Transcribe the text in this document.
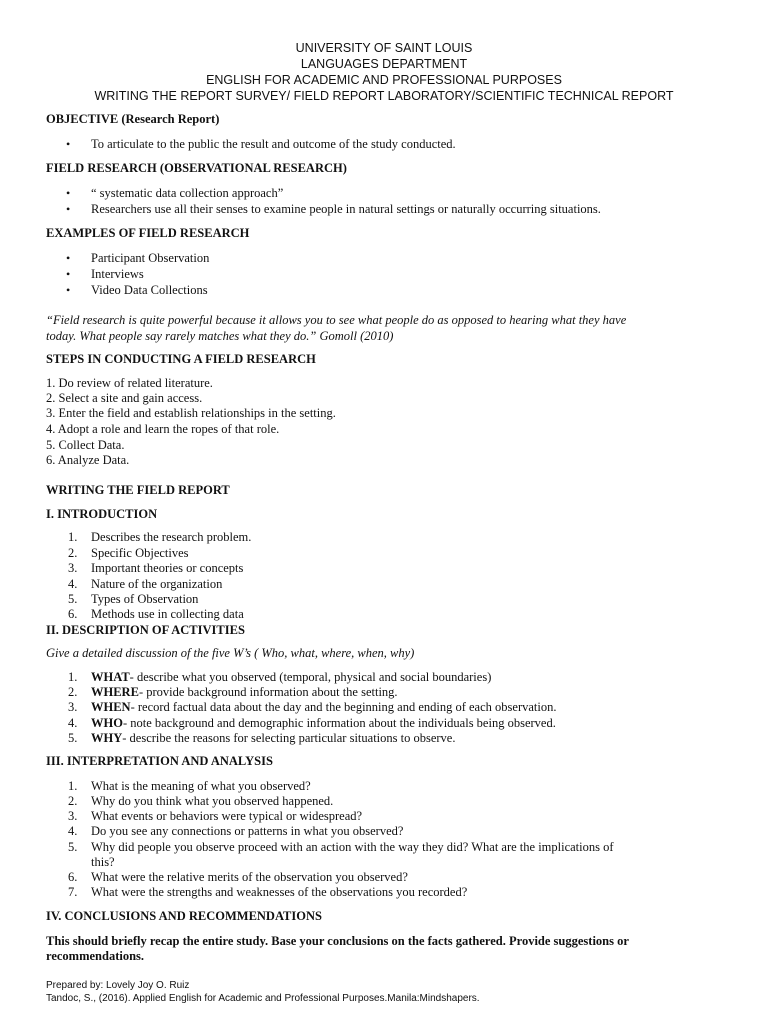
UNIVERSITY OF SAINT LOUIS
LANGUAGES DEPARTMENT
ENGLISH FOR ACADEMIC AND PROFESSIONAL PURPOSES
WRITING THE REPORT SURVEY/ FIELD REPORT LABORATORY/SCIENTIFIC TECHNICAL REPORT
OBJECTIVE (Research Report)
• To articulate to the public the result and outcome of the study conducted.
FIELD RESEARCH (OBSERVATIONAL RESEARCH)
• “ systematic data collection approach”
• Researchers use all their senses to examine people in natural settings or naturally occurring situations.
EXAMPLES OF FIELD RESEARCH
• Participant Observation
• Interviews
• Video Data Collections
“Field research is quite powerful because it allows you to see what people do as opposed to hearing what they have
today. What people say rarely matches what they do.” Gomoll (2010)
STEPS IN CONDUCTING A FIELD RESEARCH
1. Do review of related literature.
2. Select a site and gain access.
3. Enter the field and establish relationships in the setting.
4. Adopt a role and learn the ropes of that role.
5. Collect Data.
6. Analyze Data.
WRITING THE FIELD REPORT
I. INTRODUCTION
1. Describes the research problem.
2. Specific Objectives
3. Important theories or concepts
4. Nature of the organization
5. Types of Observation
6. Methods use in collecting data
II. DESCRIPTION OF ACTIVITIES
Give a detailed discussion of the five W’s ( Who, what, where, when, why)
1. WHAT- describe what you observed (temporal, physical and social boundaries)
2. WHERE- provide background information about the setting.
3. WHEN- record factual data about the day and the beginning and ending of each observation.
4. WHO- note background and demographic information about the individuals being observed.
5. WHY- describe the reasons for selecting particular situations to observe.
III. INTERPRETATION AND ANALYSIS
1. What is the meaning of what you observed?
2. Why do you think what you observed happened.
3. What events or behaviors were typical or widespread?
4. Do you see any connections or patterns in what you observed?
5. Why did people you observe proceed with an action with the way they did? What are the implications of
this?
6. What were the relative merits of the observation you observed?
7. What were the strengths and weaknesses of the observations you recorded?
IV. CONCLUSIONS AND RECOMMENDATIONS
This should briefly recap the entire study. Base your conclusions on the facts gathered. Provide suggestions or
recommendations.
Prepared by: Lovely Joy O. Ruiz
Tandoc, S., (2016). Applied English for Academic and Professional Purposes.Manila:Mindshapers.
